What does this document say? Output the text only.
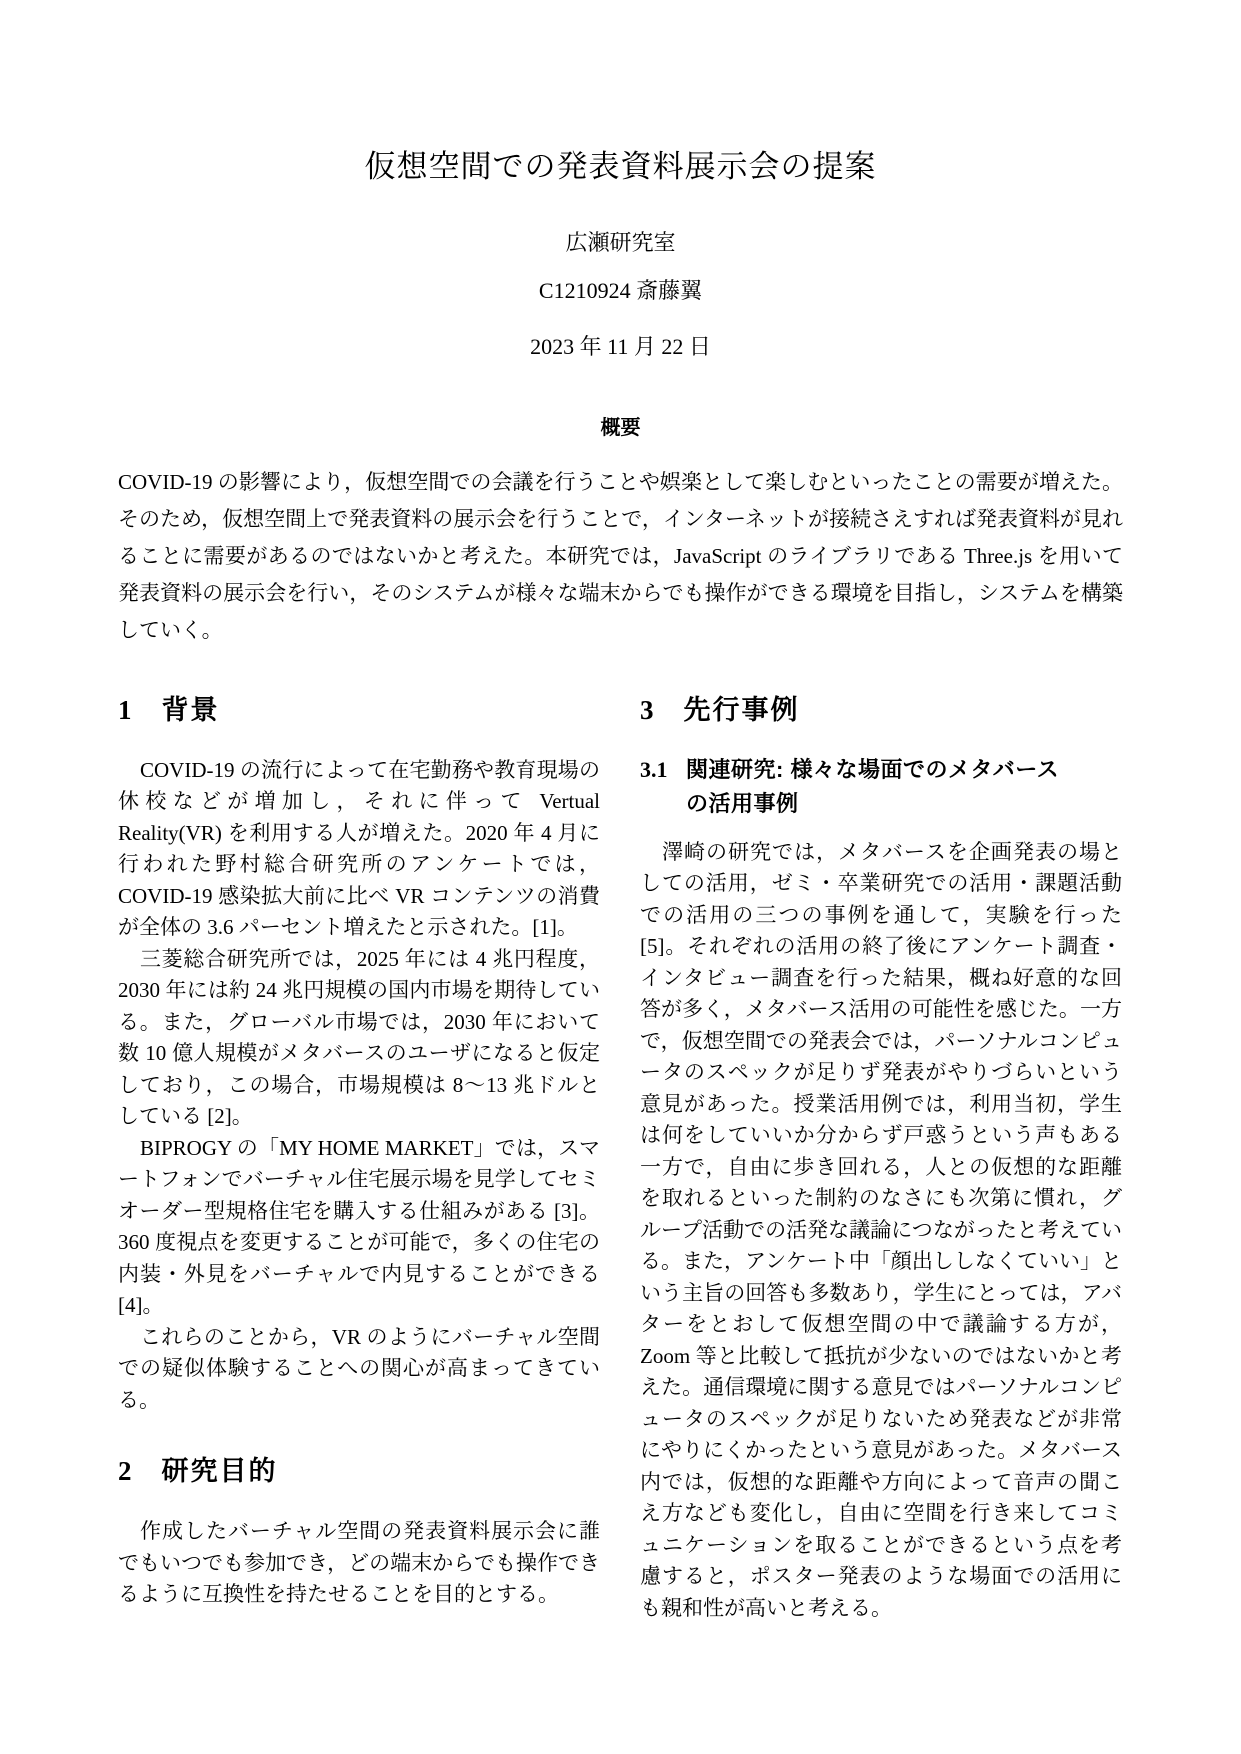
仮想空間での発表資料展示会の提案
広瀬研究室
C1210924 斎藤翼
2023 年 11 月 22 日
概要

COVID-19 の影響により，仮想空間での会議を行うことや娯楽として楽しむといったことの需要が増えた。そのため，仮想空間上で発表資料の展示会を行うことで，インターネットが接続さえすれば発表資料が見れることに需要があるのではないかと考えた。本研究では，JavaScript のライブラリである Three.js を用いて発表資料の展示会を行い，そのシステムが様々な端末からでも操作ができる環境を目指し，システムを構築していく。

1 背景

COVID-19 の流行によって在宅勤務や教育現場の休校などが増加し，それに伴って Vertual Reality(VR) を利用する人が増えた。2020 年 4 月に行われた野村総合研究所のアンケートでは，COVID-19 感染拡大前に比べ VR コンテンツの消費が全体の 3.6 パーセント増えたと示された。[1]。

三菱総合研究所では，2025 年には 4 兆円程度，2030 年には約 24 兆円規模の国内市場を期待している。また，グローバル市場では，2030 年において数 10 億人規模がメタバースのユーザになると仮定しており，この場合，市場規模は 8〜13 兆ドルとしている [2]。

BIPROGY の「MY HOME MARKET」では，スマートフォンでバーチャル住宅展示場を見学してセミオーダー型規格住宅を購入する仕組みがある [3]。360 度視点を変更することが可能で，多くの住宅の内装・外見をバーチャルで内見することができる [4]。

これらのことから，VR のようにバーチャル空間での疑似体験することへの関心が高まってきている。

2 研究目的

作成したバーチャル空間の発表資料展示会に誰でもいつでも参加でき，どの端末からでも操作できるように互換性を持たせることを目的とする。

3 先行事例
3.1 関連研究: 様々な場面でのメタバースの活用事例

澤崎の研究では，メタバースを企画発表の場としての活用，ゼミ・卒業研究での活用・課題活動での活用の三つの事例を通して，実験を行った [5]。それぞれの活用の終了後にアンケート調査・インタビュー調査を行った結果，概ね好意的な回答が多く，メタバース活用の可能性を感じた。一方で，仮想空間での発表会では，パーソナルコンピュータのスペックが足りず発表がやりづらいという意見があった。授業活用例では，利用当初，学生は何をしていいか分からず戸惑うという声もある一方で，自由に歩き回れる，人との仮想的な距離を取れるといった制約のなさにも次第に慣れ，グループ活動での活発な議論につながったと考えている。また，アンケート中「顔出ししなくていい」という主旨の回答も多数あり，学生にとっては，アバターをとおして仮想空間の中で議論する方が，Zoom 等と比較して抵抗が少ないのではないかと考えた。通信環境に関する意見ではパーソナルコンピュータのスペックが足りないため発表などが非常にやりにくかったという意見があった。メタバース内では，仮想的な距離や方向によって音声の聞こえ方なども変化し，自由に空間を行き来してコミュニケーションを取ることができるという点を考慮すると，ポスター発表のような場面での活用にも親和性が高いと考える。
